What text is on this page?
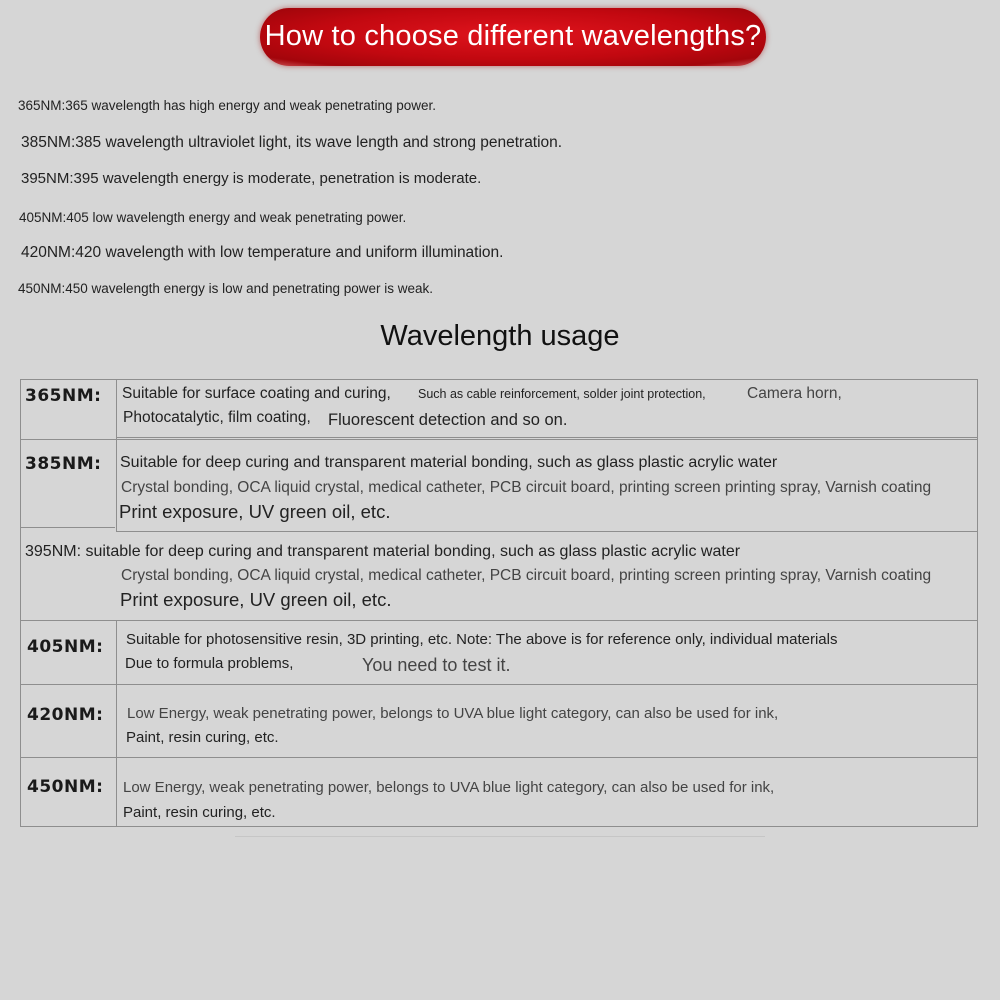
How to choose different wavelengths?
365NM:365 wavelength has high energy and weak penetrating power.
385NM:385 wavelength ultraviolet light, its wave length and strong penetration.
395NM:395 wavelength energy is moderate, penetration is moderate.
405NM:405 low wavelength energy and weak penetrating power.
420NM:420 wavelength with low temperature and uniform illumination.
450NM:450 wavelength energy is low and penetrating power is weak.
Wavelength usage
365NM: Suitable for surface coating and curing, Such as cable reinforcement, solder joint protection,	Camera horn,
Photocatalytic, film coating, Fluorescent detection and so on.
385NM: Suitable for deep curing and transparent material bonding, such as glass plastic acrylic water
Crystal bonding, OCA liquid crystal, medical catheter, PCB circuit board, printing screen printing spray, Varnish coating
Print exposure, UV green oil, etc.
395NM: suitable for deep curing and transparent material bonding, such as glass plastic acrylic water
Crystal bonding, OCA liquid crystal, medical catheter, PCB circuit board, printing screen printing spray, Varnish coating
Print exposure, UV green oil, etc.
405NM: Suitable for photosensitive resin, 3D printing, etc. Note: The above is for reference only, individual materials
Due to formula problems,	You need to test it.
420NM: Low Energy, weak penetrating power, belongs to UVA blue light category, can also be used for ink,
Paint, resin curing, etc.
450NM: Low Energy, weak penetrating power, belongs to UVA blue light category, can also be used for ink,
Paint, resin curing, etc.
